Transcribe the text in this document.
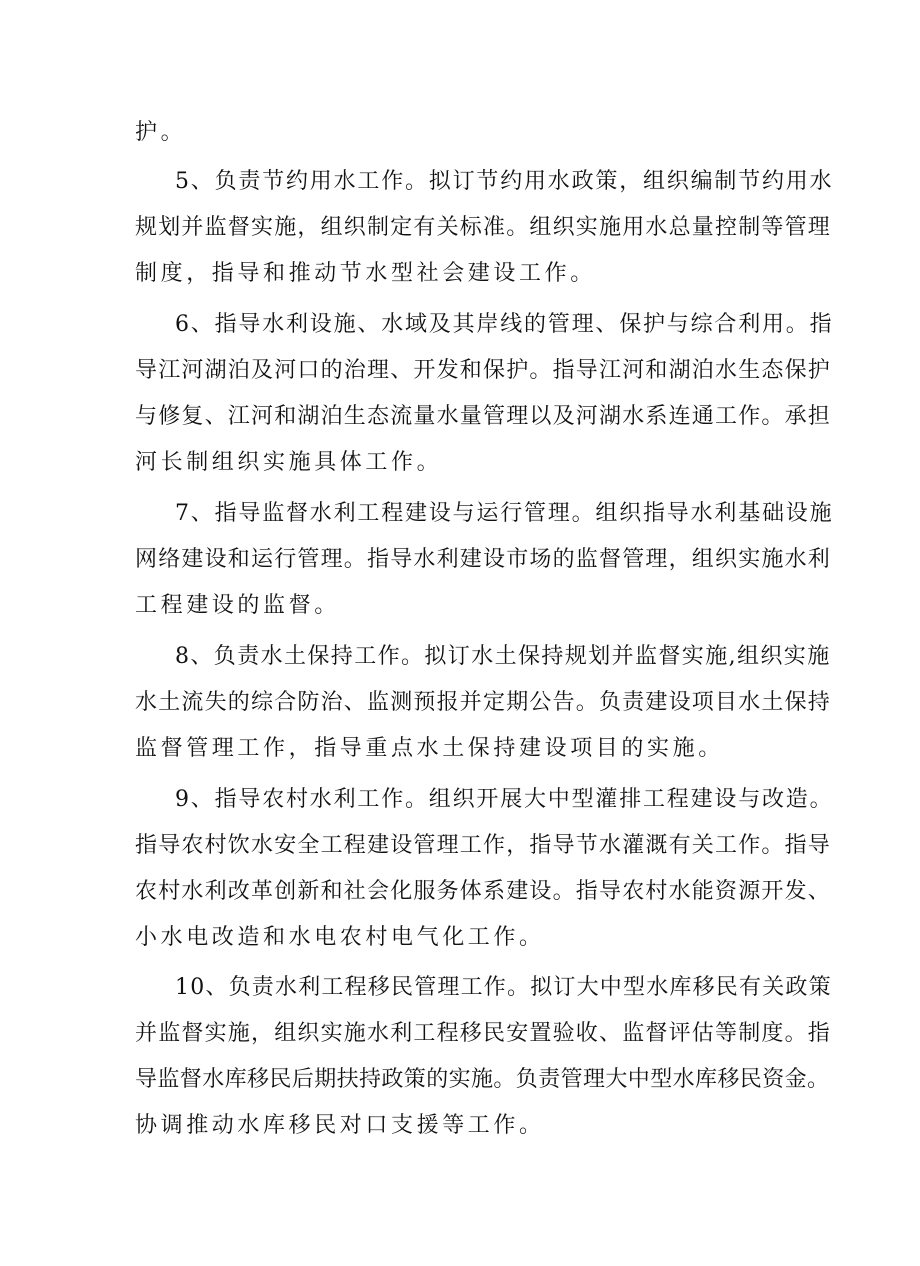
护。

5、负责节约用水工作。拟订节约用水政策，组织编制节约用水

规划并监督实施，组织制定有关标准。组织实施用水总量控制等管理

制度，指导和推动节水型社会建设工作。

6、指导水利设施、水域及其岸线的管理、保护与综合利用。指

导江河湖泊及河口的治理、开发和保护。指导江河和湖泊水生态保护

与修复、江河和湖泊生态流量水量管理以及河湖水系连通工作。承担

河长制组织实施具体工作。

7、指导监督水利工程建设与运行管理。组织指导水利基础设施

网络建设和运行管理。指导水利建设市场的监督管理，组织实施水利

工程建设的监督。

8、负责水土保持工作。拟订水土保持规划并监督实施,组织实施

水土流失的综合防治、监测预报并定期公告。负责建设项目水土保持

监督管理工作，指导重点水土保持建设项目的实施。

9、指导农村水利工作。组织开展大中型灌排工程建设与改造。

指导农村饮水安全工程建设管理工作，指导节水灌溉有关工作。指导

农村水利改革创新和社会化服务体系建设。指导农村水能资源开发、

小水电改造和水电农村电气化工作。

10、负责水利工程移民管理工作。拟订大中型水库移民有关政策

并监督实施，组织实施水利工程移民安置验收、监督评估等制度。指

导监督水库移民后期扶持政策的实施。负责管理大中型水库移民资金。

协调推动水库移民对口支援等工作。
